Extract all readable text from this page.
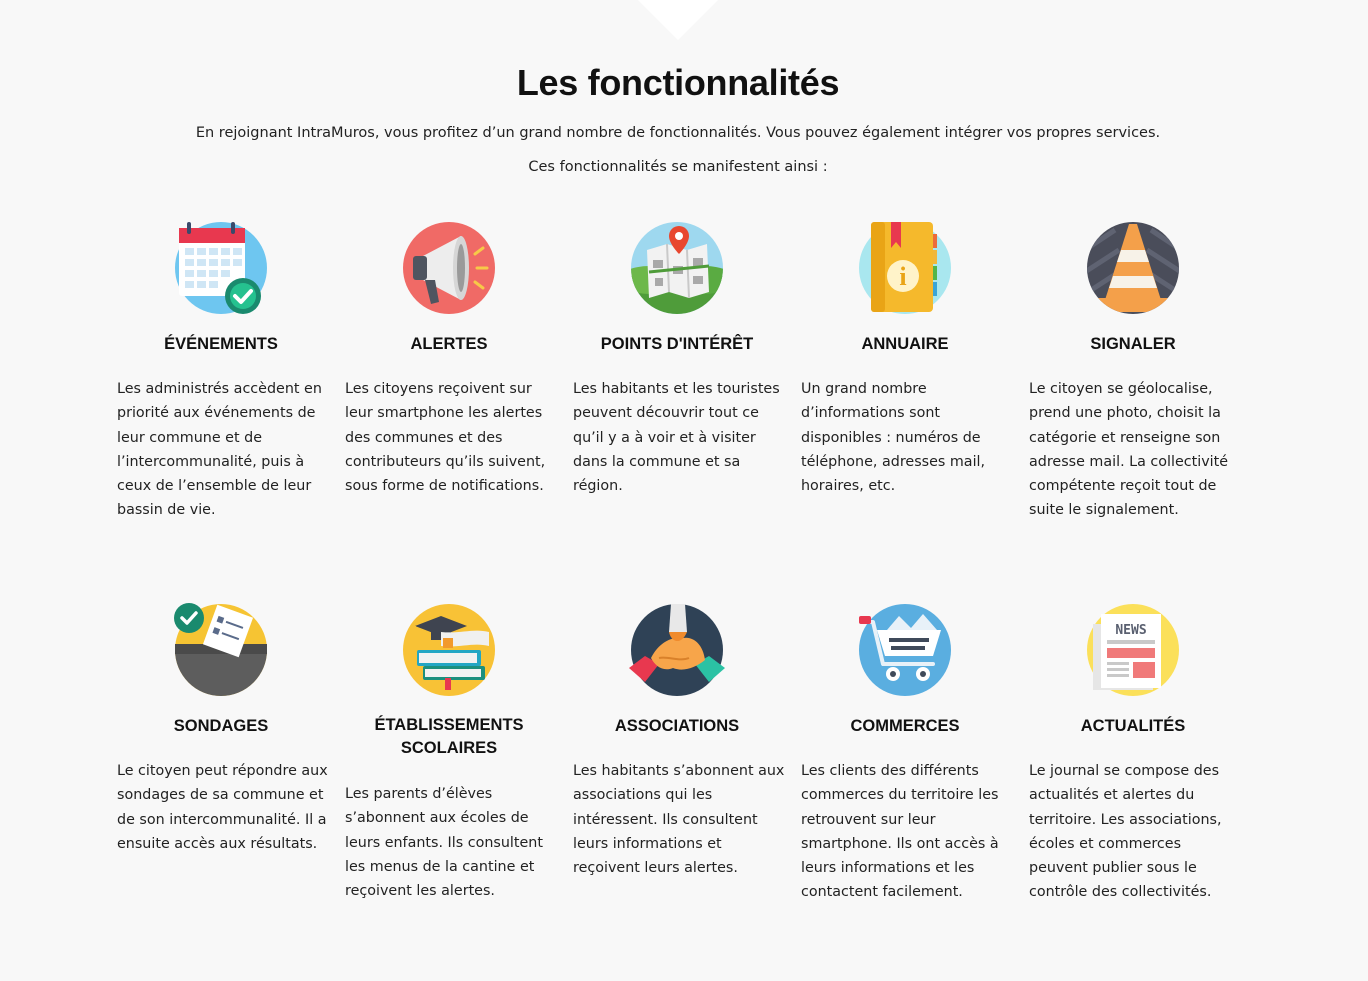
Les fonctionnalités

En rejoignant IntraMuros, vous profitez d’un grand nombre de fonctionnalités. Vous pouvez également intégrer vos propres services.

Ces fonctionnalités se manifestent ainsi :

ÉVÉNEMENTS

Les administrés accèdent en priorité aux événements de leur commune et de l’intercommunalité, puis à ceux de l’ensemble de leur bassin de vie.

ALERTES

Les citoyens reçoivent sur leur smartphone les alertes des communes et des contributeurs qu’ils suivent, sous forme de notifications.

POINTS D'INTÉRÊT

Les habitants et les touristes peuvent découvrir tout ce qu’il y a à voir et à visiter dans la commune et sa région.

i
ANNUAIRE

Un grand nombre d’informations sont disponibles : numéros de téléphone, adresses mail, horaires, etc.

SIGNALER

Le citoyen se géolocalise, prend une photo, choisit la catégorie et renseigne son adresse mail. La collectivité compétente reçoit tout de suite le signalement.

SONDAGES

Le citoyen peut répondre aux sondages de sa commune et de son intercommunalité. Il a ensuite accès aux résultats.

ÉTABLISSEMENTS SCOLAIRES

Les parents d’élèves s’abonnent aux écoles de leurs enfants. Ils consultent les menus de la cantine et reçoivent les alertes.

ASSOCIATIONS

Les habitants s’abonnent aux associations qui les intéressent. Ils consultent leurs informations et reçoivent leurs alertes.

COMMERCES

Les clients des différents commerces du territoire les retrouvent sur leur smartphone. Ils ont accès à leurs informations et les contactent facilement.

NEWS
ACTUALITÉS

Le journal se compose des actualités et alertes du territoire. Les associations, écoles et commerces peuvent publier sous le contrôle des collectivités.
